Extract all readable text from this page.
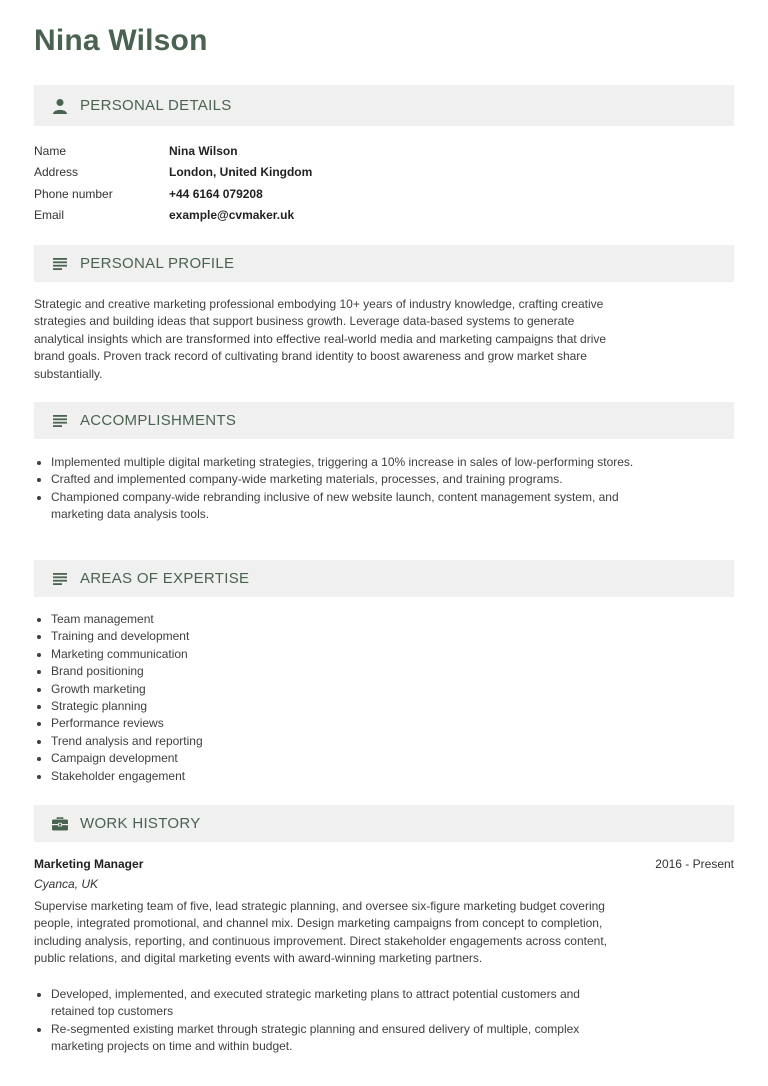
Nina Wilson
PERSONAL DETAILS
Name	Nina Wilson
Address	London, United Kingdom
Phone number	+44 6164 079208
Email	example@cvmaker.uk
PERSONAL PROFILE
Strategic and creative marketing professional embodying 10+ years of industry knowledge, crafting creative strategies and building ideas that support business growth. Leverage data-based systems to generate analytical insights which are transformed into effective real-world media and marketing campaigns that drive brand goals. Proven track record of cultivating brand identity to boost awareness and grow market share substantially.
ACCOMPLISHMENTS
• Implemented multiple digital marketing strategies, triggering a 10% increase in sales of low-performing stores.
• Crafted and implemented company-wide marketing materials, processes, and training programs.
• Championed company-wide rebranding inclusive of new website launch, content management system, and marketing data analysis tools.
AREAS OF EXPERTISE
• Team management
• Training and development
• Marketing communication
• Brand positioning
• Growth marketing
• Strategic planning
• Performance reviews
• Trend analysis and reporting
• Campaign development
• Stakeholder engagement
WORK HISTORY
Marketing Manager	2016 - Present
Cyanca, UK
Supervise marketing team of five, lead strategic planning, and oversee six-figure marketing budget covering people, integrated promotional, and channel mix. Design marketing campaigns from concept to completion, including analysis, reporting, and continuous improvement. Direct stakeholder engagements across content, public relations, and digital marketing events with award-winning marketing partners.
• Developed, implemented, and executed strategic marketing plans to attract potential customers and retained top customers
• Re-segmented existing market through strategic planning and ensured delivery of multiple, complex marketing projects on time and within budget.
